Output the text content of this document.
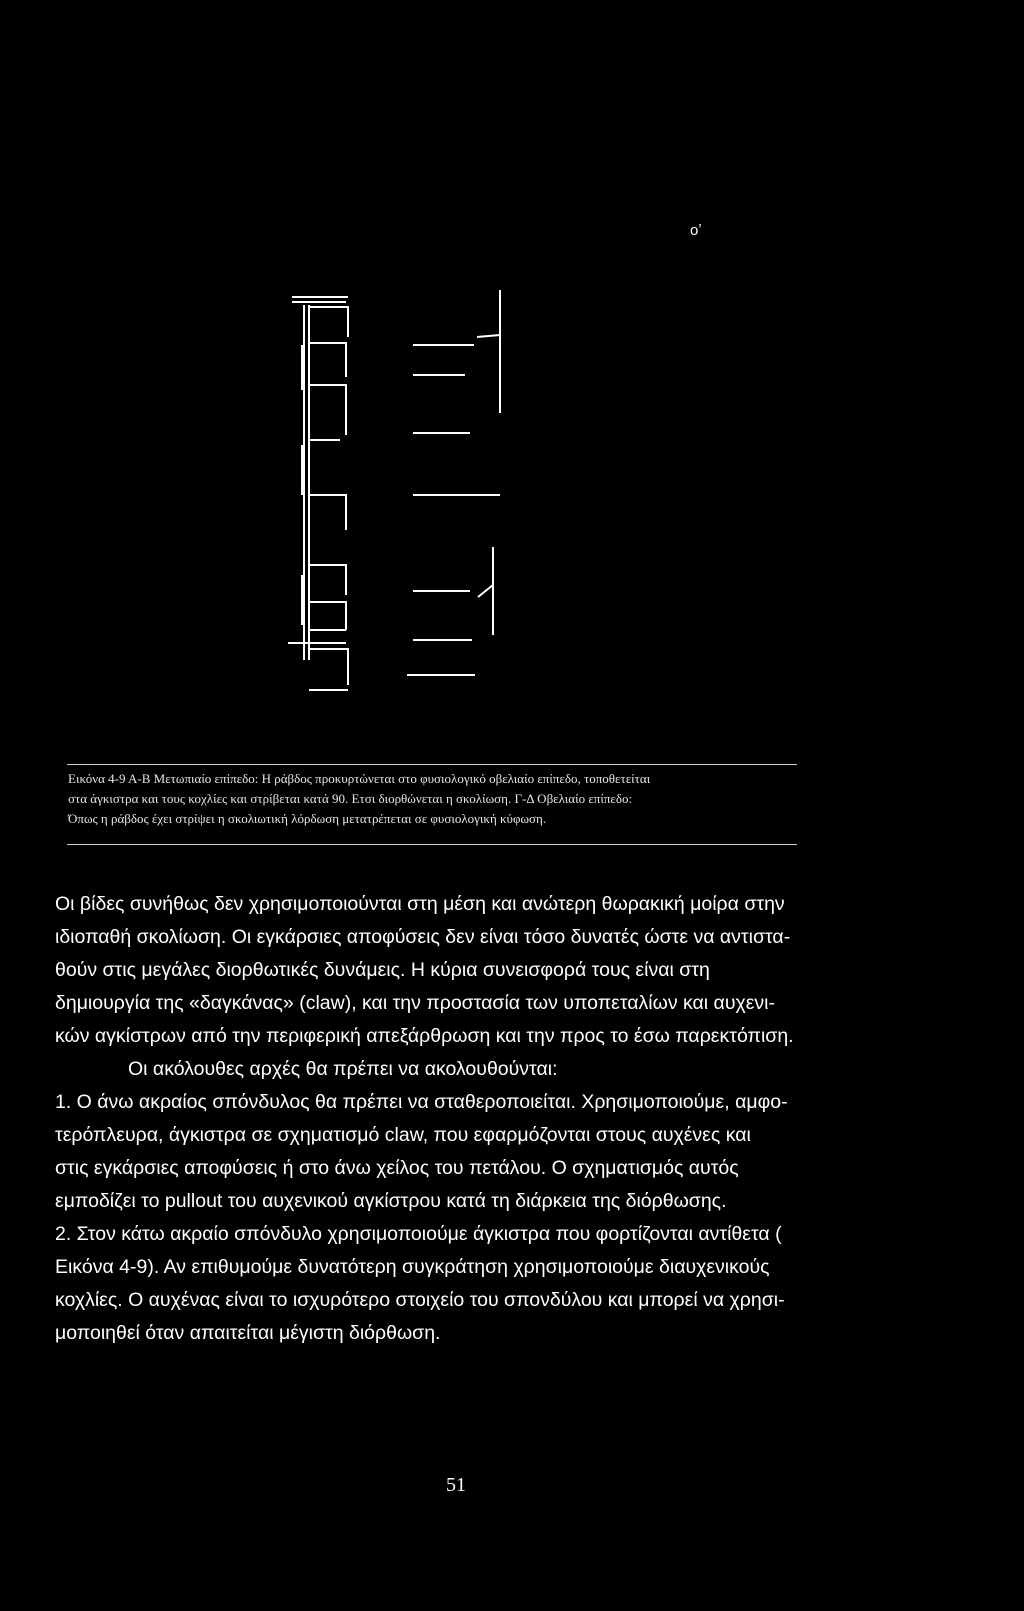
οʼ
Εικόνα 4-9 Α-Β Μετωπιαίο επίπεδο: Η ράβδος προκυρτώνεται στο φυσιολογικό οβελιαίο επίπεδο, τοποθετείται
στα άγκιστρα και τους κοχλίες και στρίβεται κατά 90. Ετσι διορθώνεται η σκολίωση. Γ-Δ Οβελιαίο επίπεδο:
Όπως η ράβδος έχει στρίψει η σκολιωτική λόρδωση μετατρέπεται σε φυσιολογική κύφωση.
Οι βίδες συνήθως δεν χρησιμοποιούνται στη μέση και ανώτερη θωρακική μοίρα στην
ιδιοπαθή σκολίωση. Οι εγκάρσιες αποφύσεις δεν είναι τόσο δυνατές ώστε να αντιστα-
θούν στις μεγάλες διορθωτικές δυνάμεις. Η κύρια συνεισφορά τους είναι στη
δημιουργία της «δαγκάνας» (claw), και την προστασία των υποπεταλίων και αυχενι-
κών αγκίστρων από την περιφερική απεξάρθρωση και την προς το έσω παρεκτόπιση.
Οι ακόλουθες αρχές θα πρέπει να ακολουθούνται:
1. Ο άνω ακραίος σπόνδυλος θα πρέπει να σταθεροποιείται. Χρησιμοποιούμε, αμφο-
τερόπλευρα, άγκιστρα σε σχηματισμό claw, που εφαρμόζονται στους αυχένες και
στις εγκάρσιες αποφύσεις ή στο άνω χείλος του πετάλου. Ο σχηματισμός αυτός
εμποδίζει το pullout του αυχενικού αγκίστρου κατά τη διάρκεια της διόρθωσης.
2. Στον κάτω ακραίο σπόνδυλο χρησιμοποιούμε άγκιστρα που φορτίζονται αντίθετα (
Εικόνα 4-9). Αν επιθυμούμε δυνατότερη συγκράτηση χρησιμοποιούμε διαυχενικούς
κοχλίες. Ο αυχένας είναι το ισχυρότερο στοιχείο του σπονδύλου και μπορεί να χρησι-
μοποιηθεί όταν απαιτείται μέγιστη διόρθωση.
51
